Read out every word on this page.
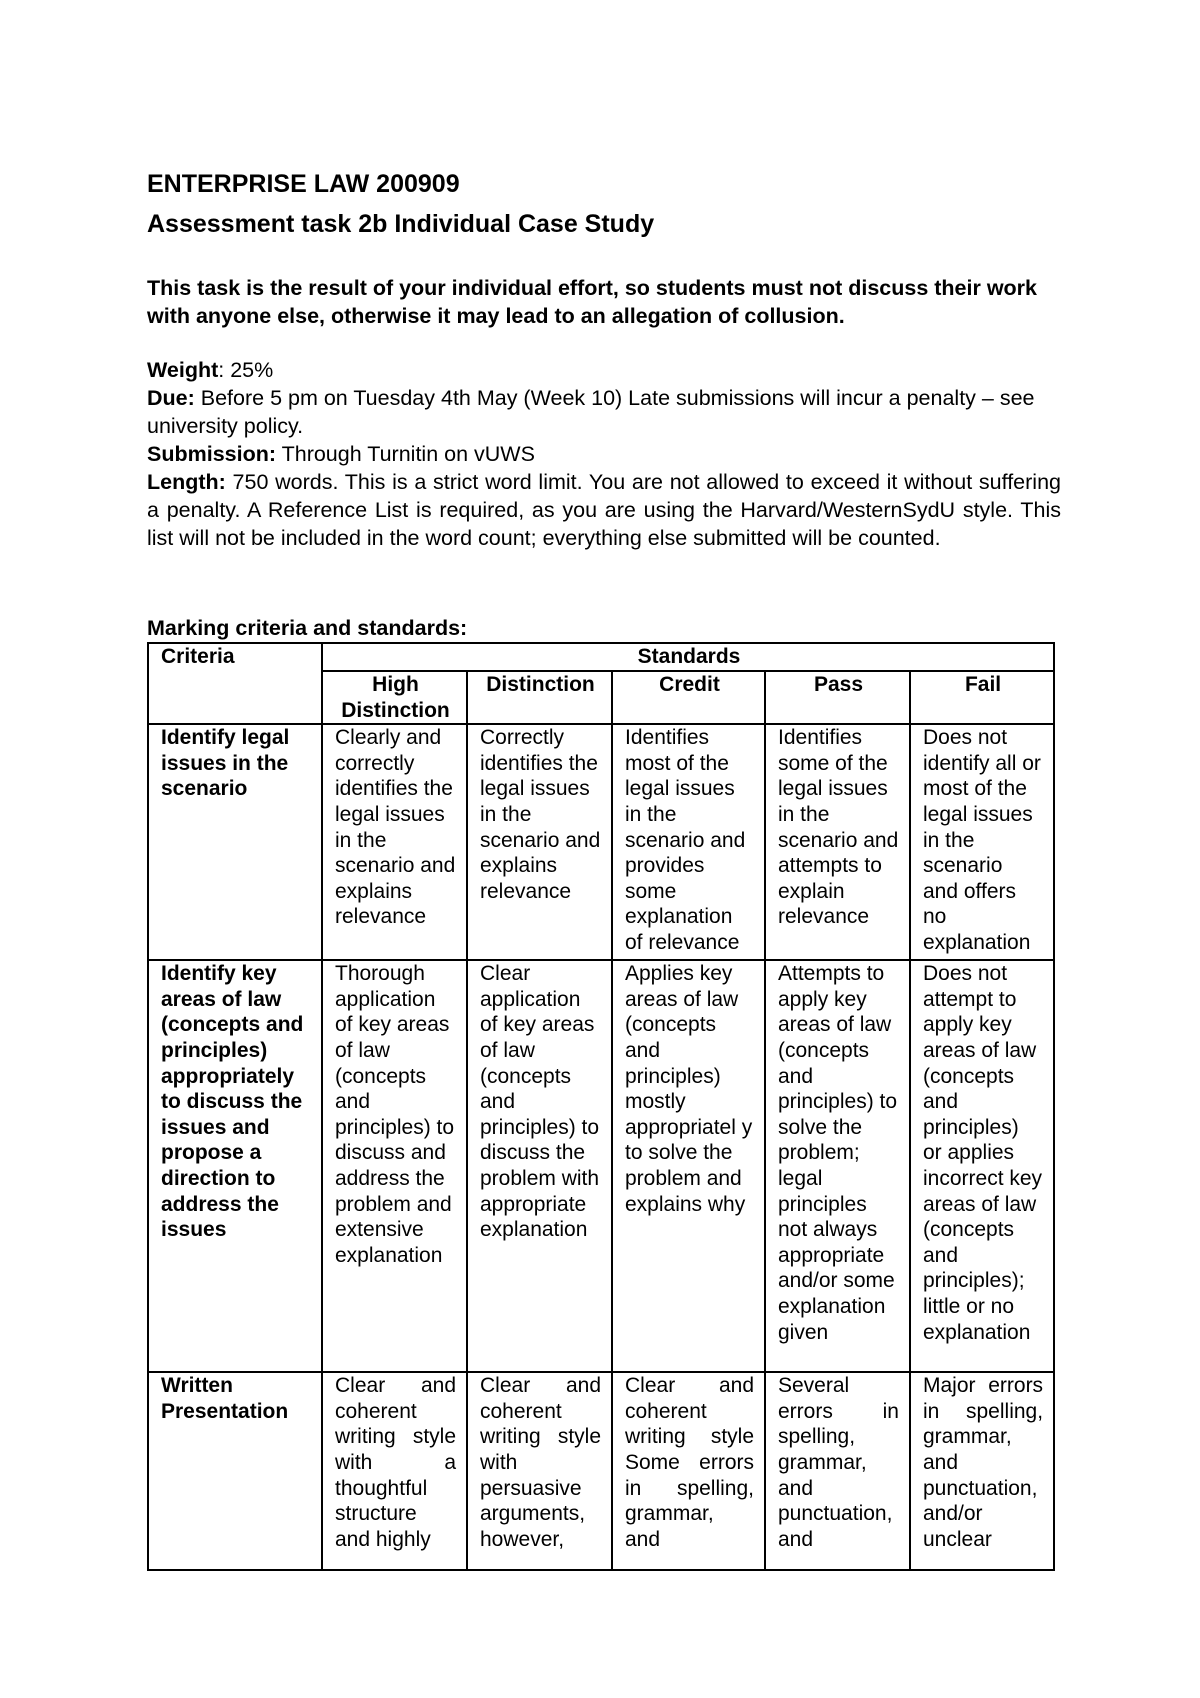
ENTERPRISE LAW 200909
Assessment task 2b Individual Case Study
This task is the result of your individual effort, so students must not discuss their work with anyone else, otherwise it may lead to an allegation of collusion.

Weight: 25%

Due: Before 5 pm on Tuesday 4th May (Week 10) Late submissions will incur a penalty – see university policy.

Submission: Through Turnitin on vUWS

Length: 750 words. This is a strict word limit. You are not allowed to exceed it without suffering a penalty. A Reference List is required, as you are using the Harvard/WesternSydU style. This list will not be included in the word count; everything else submitted will be counted.

Marking criteria and standards:
Criteria	Standards				
	High Distinction	Distinction	Credit	Pass	Fail
Identify legal issues in the scenario	Clearly and correctly identifies the legal issues in the scenario and explains relevance	Correctly identifies the legal issues in the scenario and explains relevance	Identifies most of the legal issues in the scenario and provides some explanation of relevance	Identifies some of the legal issues in the scenario and attempts to explain relevance	Does not identify all or most of the legal issues in the scenario and offers no explanation
Identify key areas of law (concepts and principles) appropriately to discuss the issues and propose a direction to address the issues	Thorough application of key areas of law (concepts and principles) to discuss and address the problem and extensive explanation	Clear application of key areas of law (concepts and principles) to discuss the problem with appropriate explanation	Applies key areas of law (concepts and principles) mostly appropriatel y to solve the problem and explains why	Attempts to apply key areas of law (concepts and principles) to solve the problem; legal principles not always appropriate and/or some explanation given	Does not attempt to apply key areas of law (concepts and principles) or applies incorrect key areas of law (concepts and principles); little or no explanation
Written Presentation	Clear and coherent writing style with a thoughtful structure and highly	Clear and coherent writing style with persuasive arguments, however,	Clear and coherent writing style Some errors in spelling, grammar, and	Several errors in spelling, grammar, and punctuation, and	Major errors in spelling, grammar, and punctuation, and/or unclear
